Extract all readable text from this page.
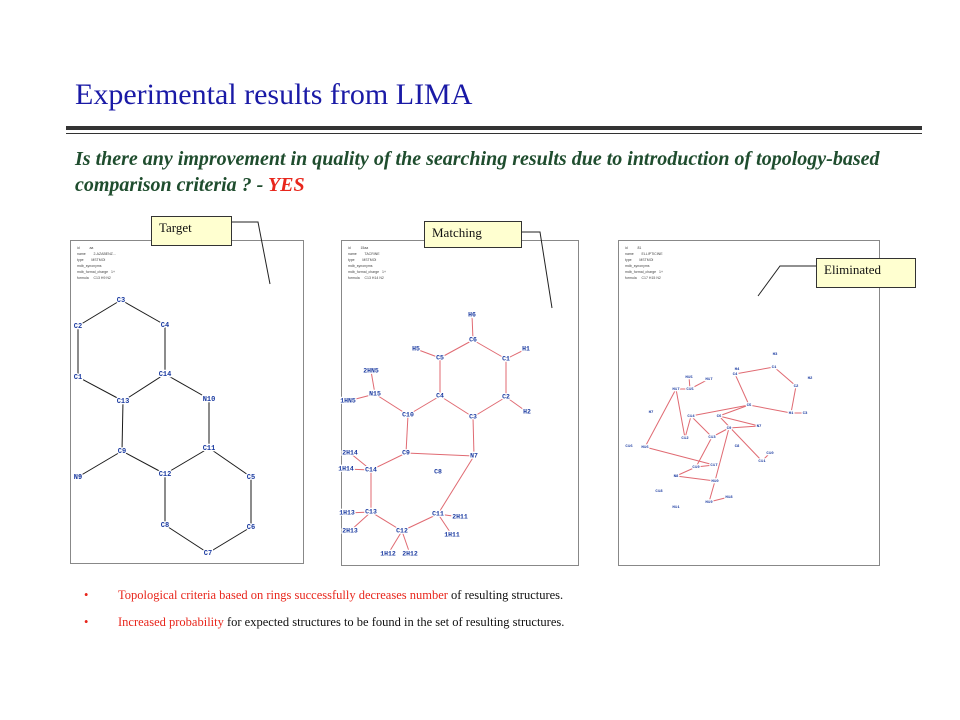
Experimental results from LIMA
Is there any improvement in quality of the searching results due to introduction of topology-based comparison criteria ? - YES
id          aa
name        2-AZABENZ...
type        MSTMOI
mdb_synonyms
mdb_formal_charge   1+
formula     C13 H9 N2
C3
C4
C2
C14
C1
C13	N10
C9	C11
N9	C12	C5
C8	C6
C7
id          15aa
name        TACRINE
type        MSTMOI
mdb_synonyms
mdb_formal_charge   1+
formula     C13 H14 N2
H6
C6
H5
C5
H1
C1
2HN5
C4
1HN5
N15
C10
C2
C3
H2
C9
2H14	N7
1H14 C14	C8
1H13 C13	C11 2H11
2H13	C12
1H11
1H12 2H12
id          81
name        ELLIPTICINE
type        MSTMOI
mdb_synonyms
mdb_formal_charge   1+
formula     C17 H15 N2
H3
C1
H4
C4
C2
H2
H1
C5
C3
H15	H17
C15
H17
C14	C6
N7
C13
C12
C9
C8
H7
C16 H16
C11
C10
C17
C19
H10
N8
C18
H19
H18
H11
Target	Matching
Eliminated
• Topological criteria based on rings successfully decreases number of resulting structures.
• Increased probability for expected structures to be found in the set of resulting structures.
